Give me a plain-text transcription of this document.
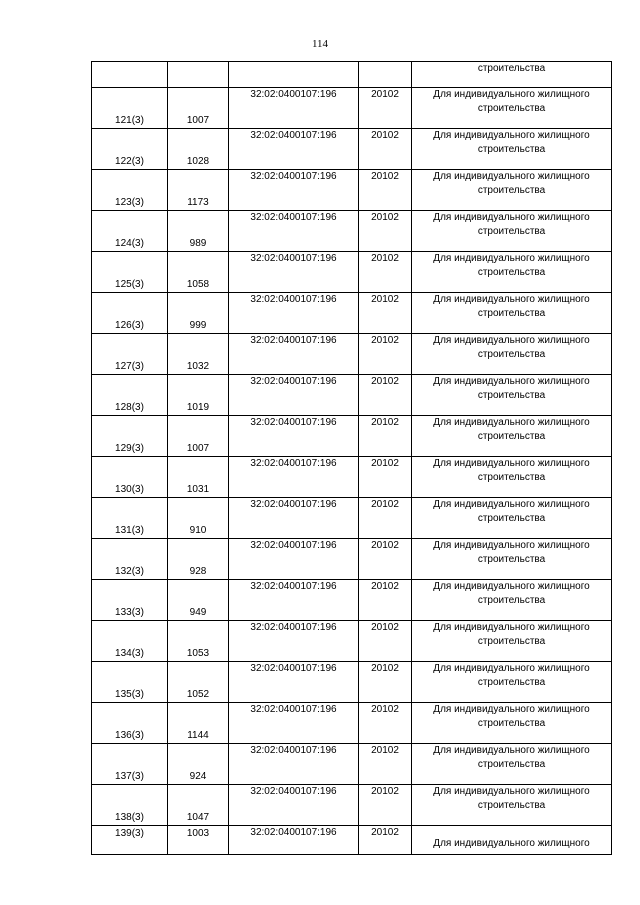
114

				строительства

121(3)	1007	32:02:0400107:196	20102	Для индивидуального жилищного
строительства

122(3)	1028	32:02:0400107:196	20102	Для индивидуального жилищного
строительства

123(3)	1173	32:02:0400107:196	20102	Для индивидуального жилищного
строительства

124(3)	989	32:02:0400107:196	20102	Для индивидуального жилищного
строительства

125(3)	1058	32:02:0400107:196	20102	Для индивидуального жилищного
строительства

126(3)	999	32:02:0400107:196	20102	Для индивидуального жилищного
строительства

127(3)	1032	32:02:0400107:196	20102	Для индивидуального жилищного
строительства

128(3)	1019	32:02:0400107:196	20102	Для индивидуального жилищного
строительства

129(3)	1007	32:02:0400107:196	20102	Для индивидуального жилищного
строительства

130(3)	1031	32:02:0400107:196	20102	Для индивидуального жилищного
строительства

131(3)	910	32:02:0400107:196	20102	Для индивидуального жилищного
строительства

132(3)	928	32:02:0400107:196	20102	Для индивидуального жилищного
строительства

133(3)	949	32:02:0400107:196	20102	Для индивидуального жилищного
строительства

134(3)	1053	32:02:0400107:196	20102	Для индивидуального жилищного
строительства

135(3)	1052	32:02:0400107:196	20102	Для индивидуального жилищного
строительства

136(3)	1144	32:02:0400107:196	20102	Для индивидуального жилищного
строительства

137(3)	924	32:02:0400107:196	20102	Для индивидуального жилищного
строительства

138(3)	1047	32:02:0400107:196	20102	Для индивидуального жилищного
строительства

139(3)	1003	32:02:0400107:196	20102	Для индивидуального жилищного
